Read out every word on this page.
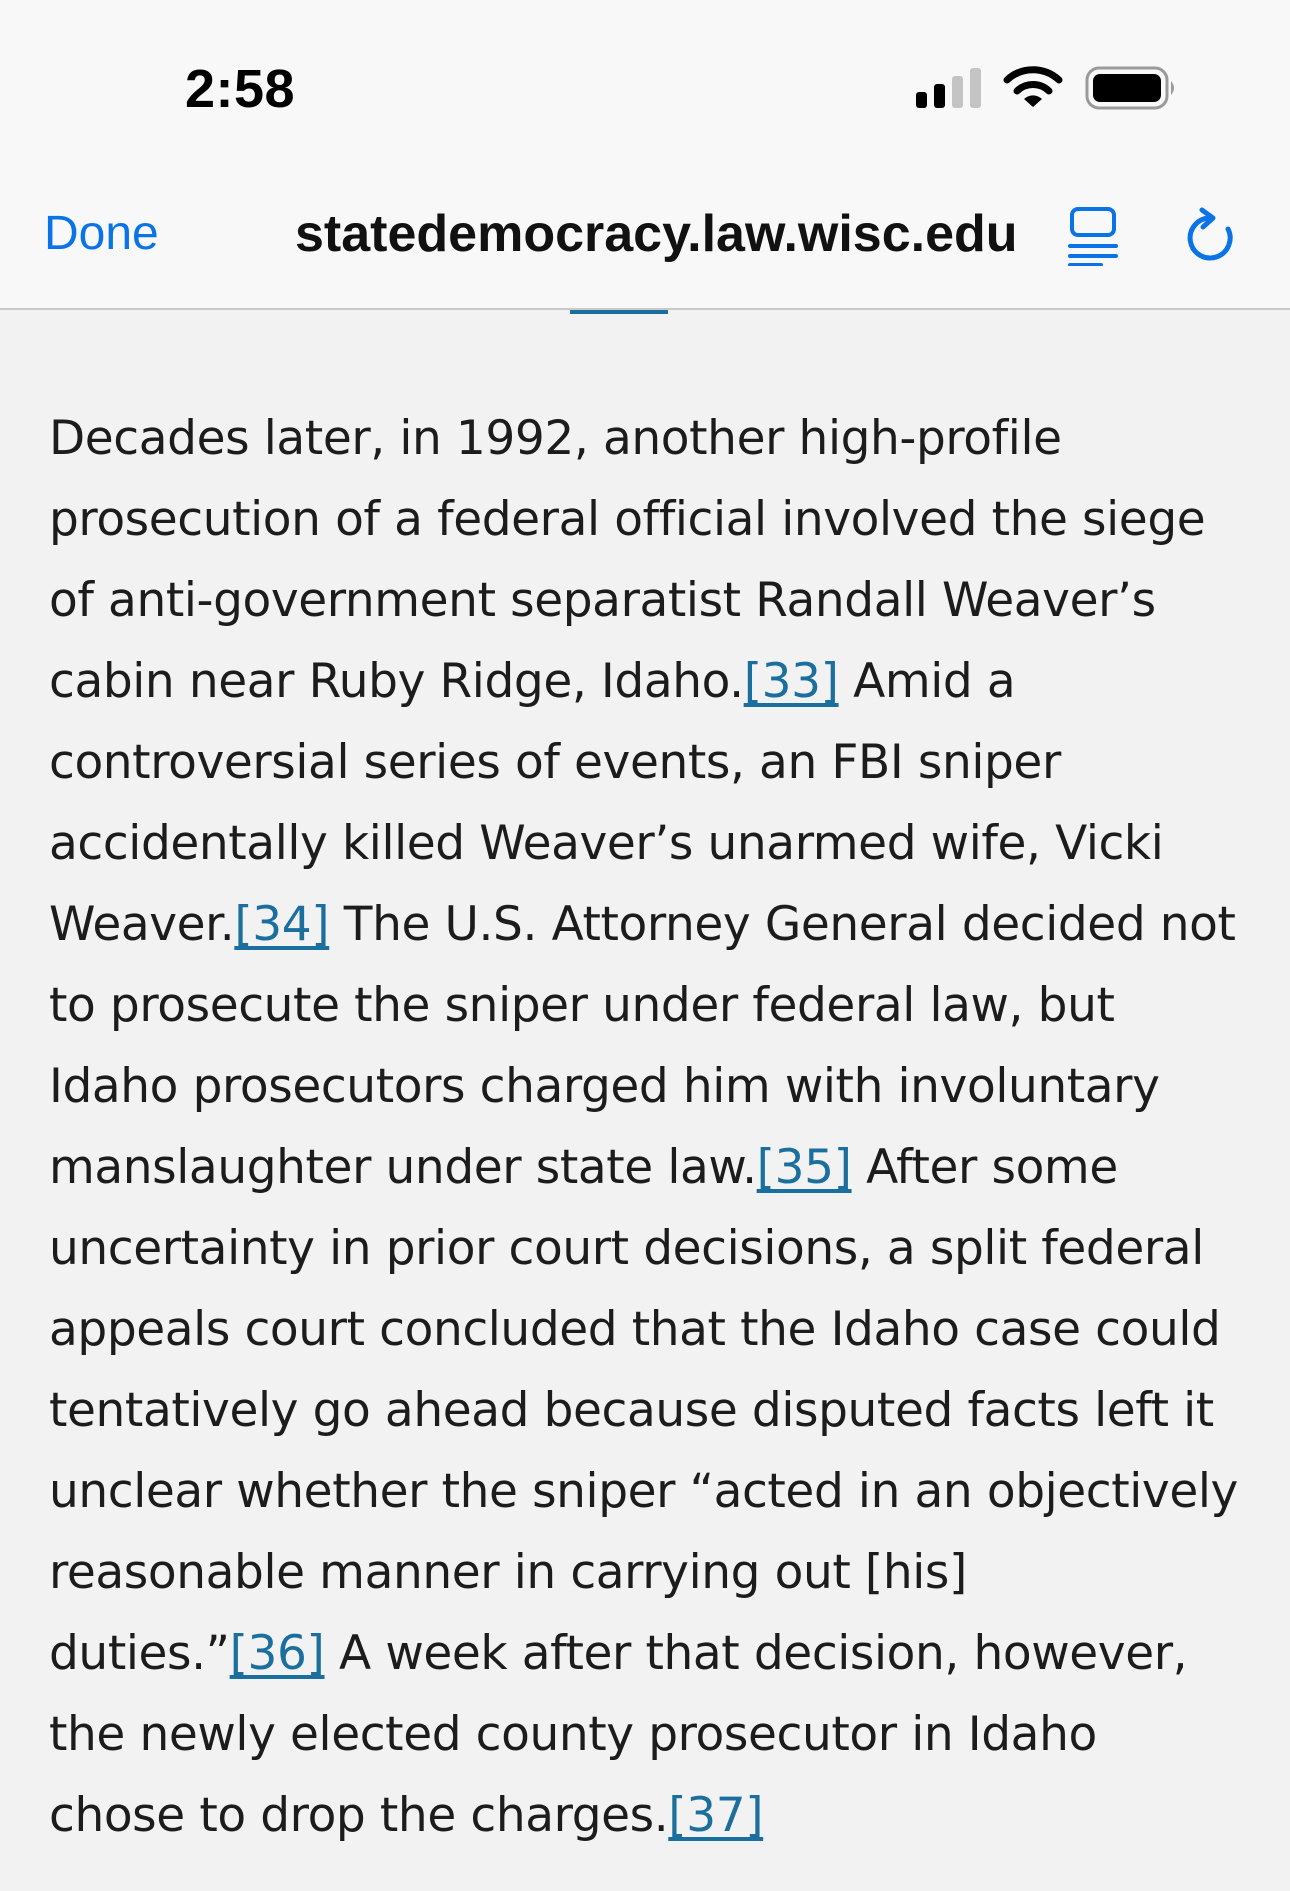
2:58
Done	statedemocracy.law.wisc.edu

Decades later, in 1992, another high-profile prosecution of a federal official involved the siege of anti-government separatist Randall Weaver’s cabin near Ruby Ridge, Idaho.[33] Amid a controversial series of events, an FBI sniper accidentally killed Weaver’s unarmed wife, Vicki Weaver.[34] The U.S. Attorney General decided not to prosecute the sniper under federal law, but Idaho prosecutors charged him with involuntary manslaughter under state law.[35] After some uncertainty in prior court decisions, a split federal appeals court concluded that the Idaho case could tentatively go ahead because disputed facts left it unclear whether the sniper “acted in an objectively reasonable manner in carrying out [his] duties.”[36] A week after that decision, however, the newly elected county prosecutor in Idaho chose to drop the charges.[37]
